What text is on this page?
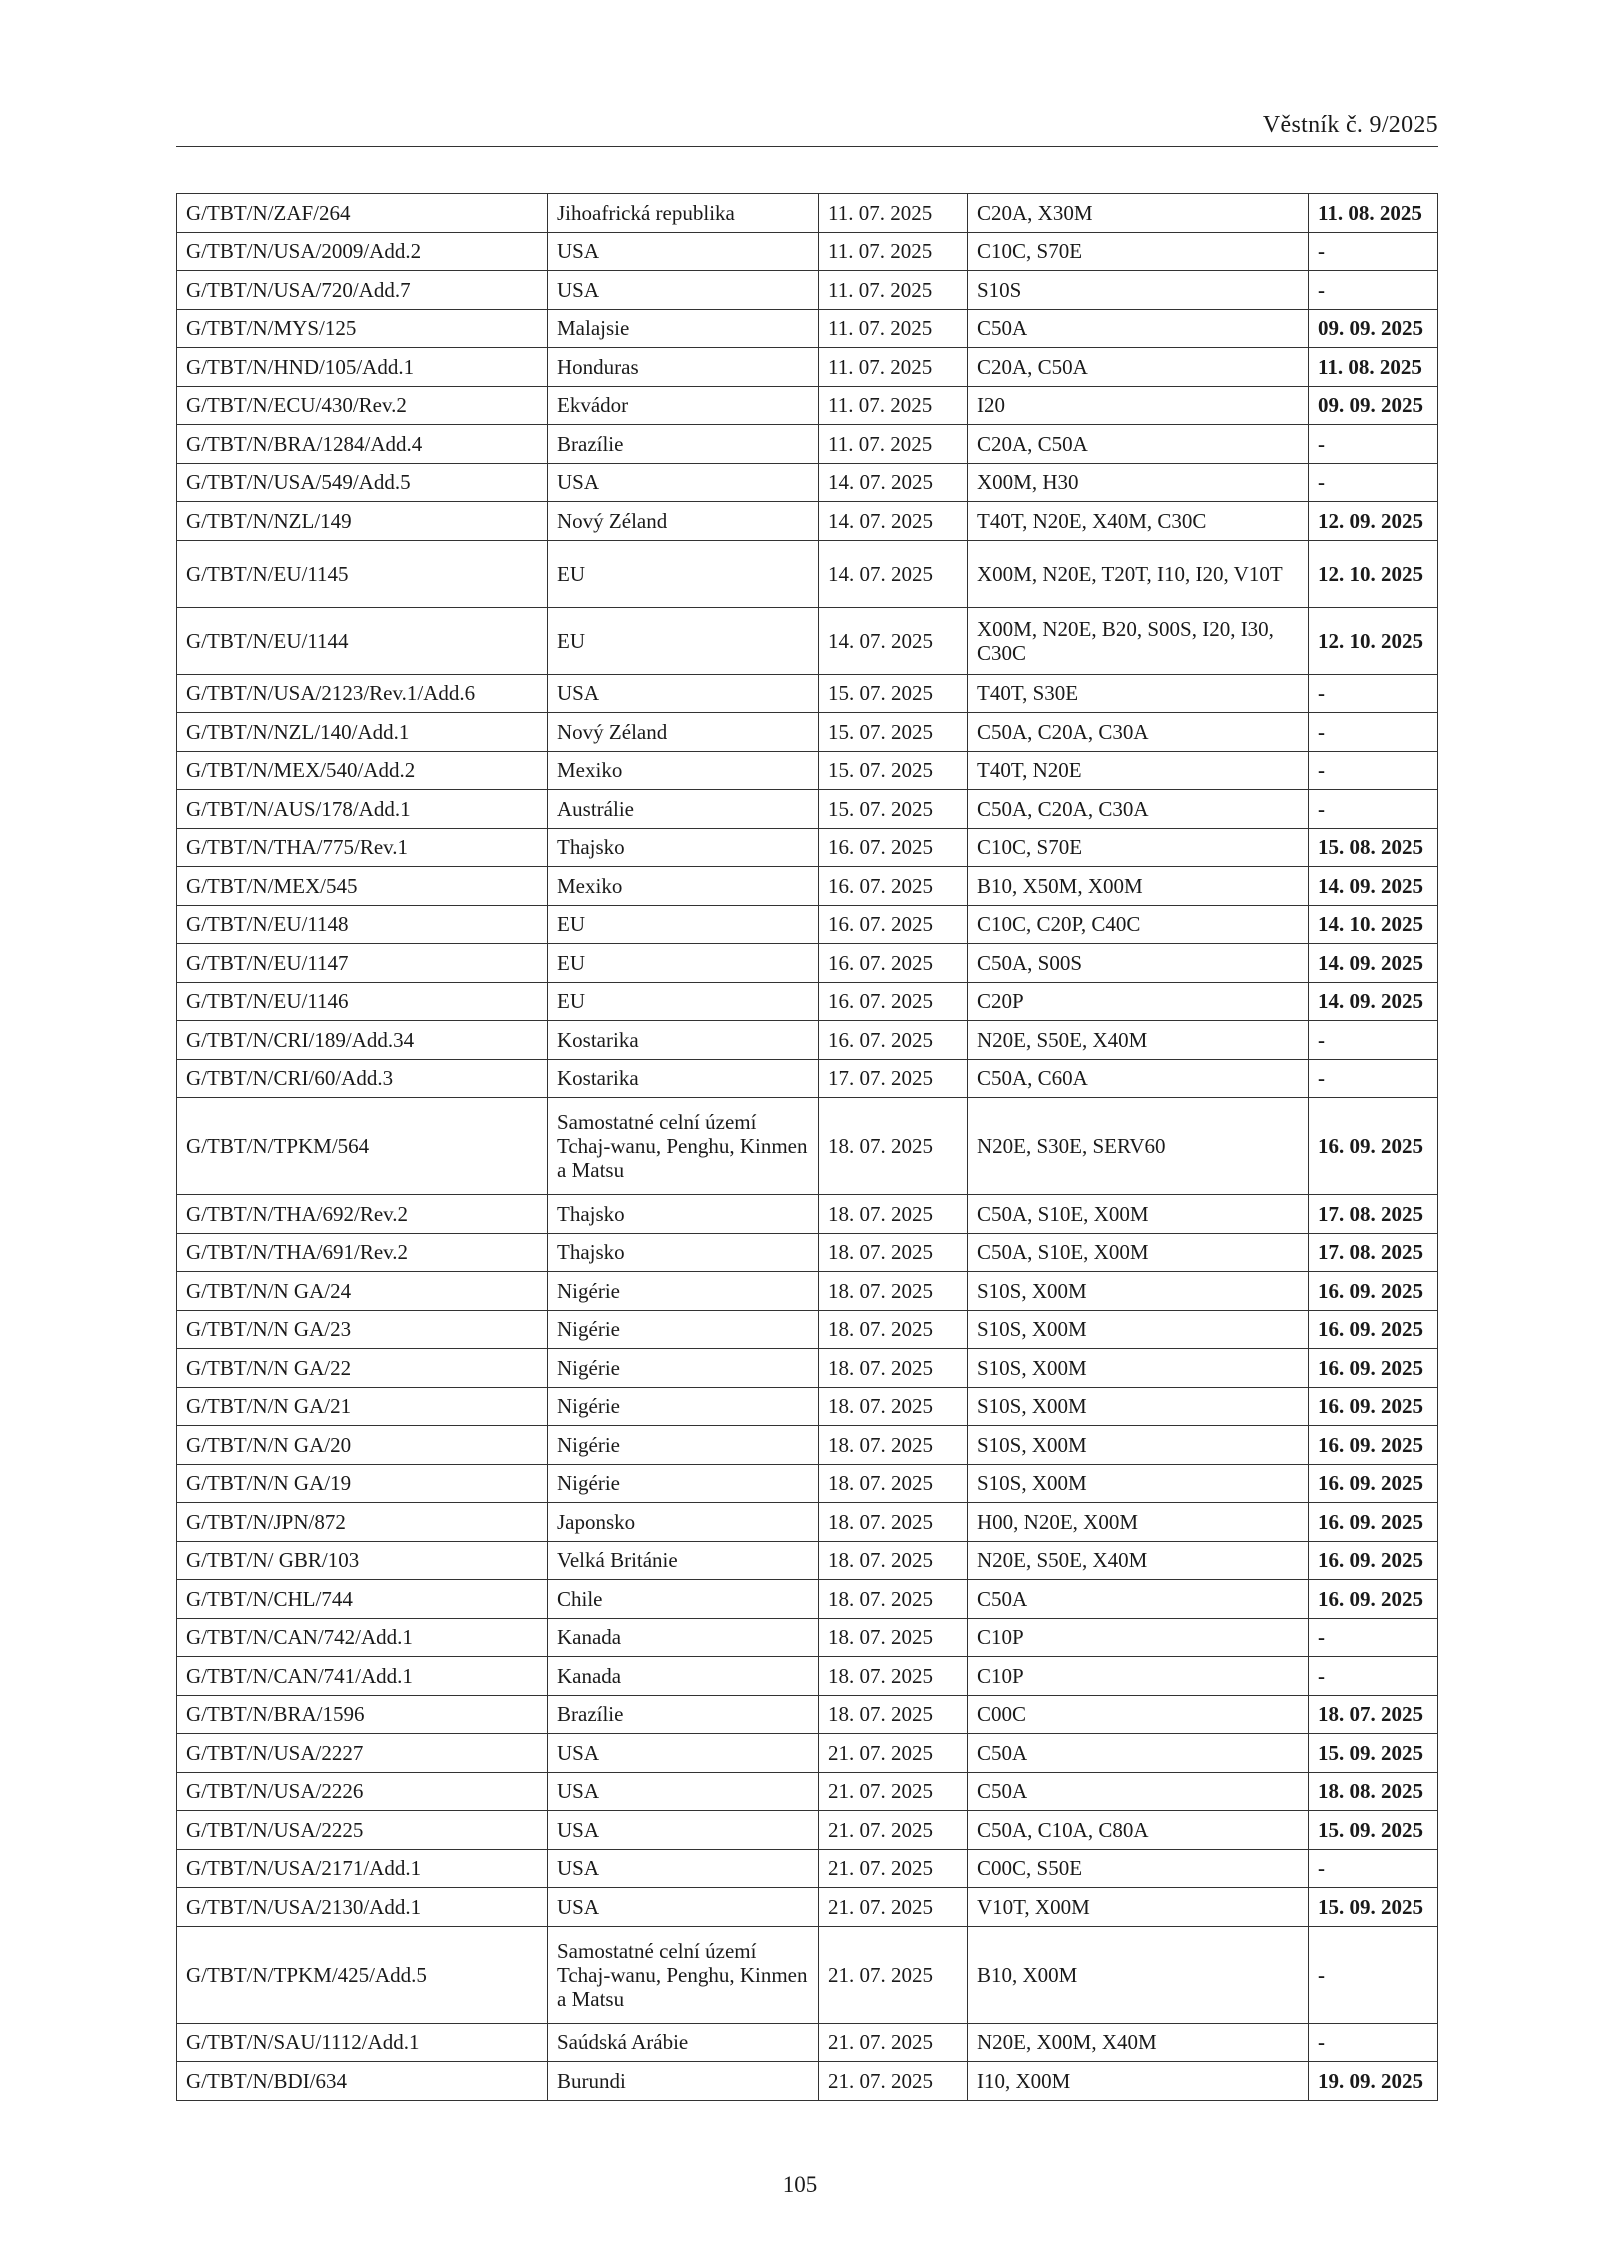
Věstník č. 9/2025
G/TBT/N/ZAF/264	Jihoafrická republika	11. 07. 2025	C20A, X30M	11. 08. 2025
G/TBT/N/USA/2009/Add.2	USA	11. 07. 2025	C10C, S70E	-
G/TBT/N/USA/720/Add.7	USA	11. 07. 2025	S10S	-
G/TBT/N/MYS/125	Malajsie	11. 07. 2025	C50A	09. 09. 2025
G/TBT/N/HND/105/Add.1	Honduras	11. 07. 2025	C20A, C50A	11. 08. 2025
G/TBT/N/ECU/430/Rev.2	Ekvádor	11. 07. 2025	I20	09. 09. 2025
G/TBT/N/BRA/1284/Add.4	Brazílie	11. 07. 2025	C20A, C50A	-
G/TBT/N/USA/549/Add.5	USA	14. 07. 2025	X00M, H30	-
G/TBT/N/NZL/149	Nový Zéland	14. 07. 2025	T40T, N20E, X40M, C30C	12. 09. 2025
G/TBT/N/EU/1145	EU	14. 07. 2025	X00M, N20E, T20T, I10, I20, V10T	12. 10. 2025
G/TBT/N/EU/1144	EU	14. 07. 2025	X00M, N20E, B20, S00S, I20, I30, C30C	12. 10. 2025
G/TBT/N/USA/2123/Rev.1/Add.6	USA	15. 07. 2025	T40T, S30E	-
G/TBT/N/NZL/140/Add.1	Nový Zéland	15. 07. 2025	C50A, C20A, C30A	-
G/TBT/N/MEX/540/Add.2	Mexiko	15. 07. 2025	T40T, N20E	-
G/TBT/N/AUS/178/Add.1	Austrálie	15. 07. 2025	C50A, C20A, C30A	-
G/TBT/N/THA/775/Rev.1	Thajsko	16. 07. 2025	C10C, S70E	15. 08. 2025
G/TBT/N/MEX/545	Mexiko	16. 07. 2025	B10, X50M, X00M	14. 09. 2025
G/TBT/N/EU/1148	EU	16. 07. 2025	C10C, C20P, C40C	14. 10. 2025
G/TBT/N/EU/1147	EU	16. 07. 2025	C50A, S00S	14. 09. 2025
G/TBT/N/EU/1146	EU	16. 07. 2025	C20P	14. 09. 2025
G/TBT/N/CRI/189/Add.34	Kostarika	16. 07. 2025	N20E, S50E, X40M	-
G/TBT/N/CRI/60/Add.3	Kostarika	17. 07. 2025	C50A, C60A	-
G/TBT/N/TPKM/564	Samostatné celní území Tchaj-wanu, Penghu, Kinmen a Matsu	18. 07. 2025	N20E, S30E, SERV60	16. 09. 2025
G/TBT/N/THA/692/Rev.2	Thajsko	18. 07. 2025	C50A, S10E, X00M	17. 08. 2025
G/TBT/N/THA/691/Rev.2	Thajsko	18. 07. 2025	C50A, S10E, X00M	17. 08. 2025
G/TBT/N/N GA/24	Nigérie	18. 07. 2025	S10S, X00M	16. 09. 2025
G/TBT/N/N GA/23	Nigérie	18. 07. 2025	S10S, X00M	16. 09. 2025
G/TBT/N/N GA/22	Nigérie	18. 07. 2025	S10S, X00M	16. 09. 2025
G/TBT/N/N GA/21	Nigérie	18. 07. 2025	S10S, X00M	16. 09. 2025
G/TBT/N/N GA/20	Nigérie	18. 07. 2025	S10S, X00M	16. 09. 2025
G/TBT/N/N GA/19	Nigérie	18. 07. 2025	S10S, X00M	16. 09. 2025
G/TBT/N/JPN/872	Japonsko	18. 07. 2025	H00, N20E, X00M	16. 09. 2025
G/TBT/N/ GBR/103	Velká Británie	18. 07. 2025	N20E, S50E, X40M	16. 09. 2025
G/TBT/N/CHL/744	Chile	18. 07. 2025	C50A	16. 09. 2025
G/TBT/N/CAN/742/Add.1	Kanada	18. 07. 2025	C10P	-
G/TBT/N/CAN/741/Add.1	Kanada	18. 07. 2025	C10P	-
G/TBT/N/BRA/1596	Brazílie	18. 07. 2025	C00C	18. 07. 2025
G/TBT/N/USA/2227	USA	21. 07. 2025	C50A	15. 09. 2025
G/TBT/N/USA/2226	USA	21. 07. 2025	C50A	18. 08. 2025
G/TBT/N/USA/2225	USA	21. 07. 2025	C50A, C10A, C80A	15. 09. 2025
G/TBT/N/USA/2171/Add.1	USA	21. 07. 2025	C00C, S50E	-
G/TBT/N/USA/2130/Add.1	USA	21. 07. 2025	V10T, X00M	15. 09. 2025
G/TBT/N/TPKM/425/Add.5	Samostatné celní území Tchaj-wanu, Penghu, Kinmen a Matsu	21. 07. 2025	B10, X00M	-
G/TBT/N/SAU/1112/Add.1	Saúdská Arábie	21. 07. 2025	N20E, X00M, X40M	-
G/TBT/N/BDI/634	Burundi	21. 07. 2025	I10, X00M	19. 09. 2025
105
